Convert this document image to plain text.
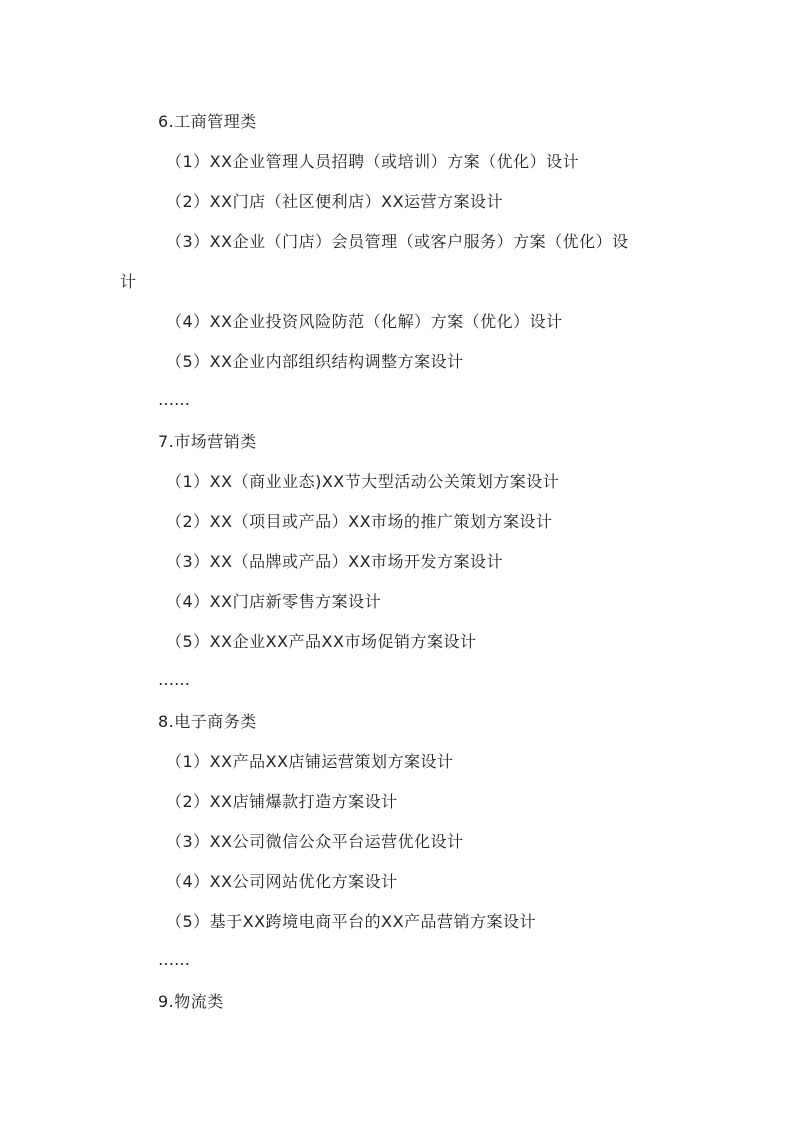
6.工商管理类

（1）XX企业管理人员招聘（或培训）方案（优化）设计

（2）XX门店（社区便利店）XX运营方案设计

（3）XX企业（门店）会员管理（或客户服务）方案（优化）设

计

（4）XX企业投资风险防范（化解）方案（优化）设计

（5）XX企业内部组织结构调整方案设计

……

7.市场营销类

（1）XX（商业业态)XX节大型活动公关策划方案设计

（2）XX（项目或产品）XX市场的推广策划方案设计

（3）XX（品牌或产品）XX市场开发方案设计

（4）XX门店新零售方案设计

（5）XX企业XX产品XX市场促销方案设计

……

8.电子商务类

（1）XX产品XX店铺运营策划方案设计

（2）XX店铺爆款打造方案设计

（3）XX公司微信公众平台运营优化设计

（4）XX公司网站优化方案设计

（5）基于XX跨境电商平台的XX产品营销方案设计

……

9.物流类
